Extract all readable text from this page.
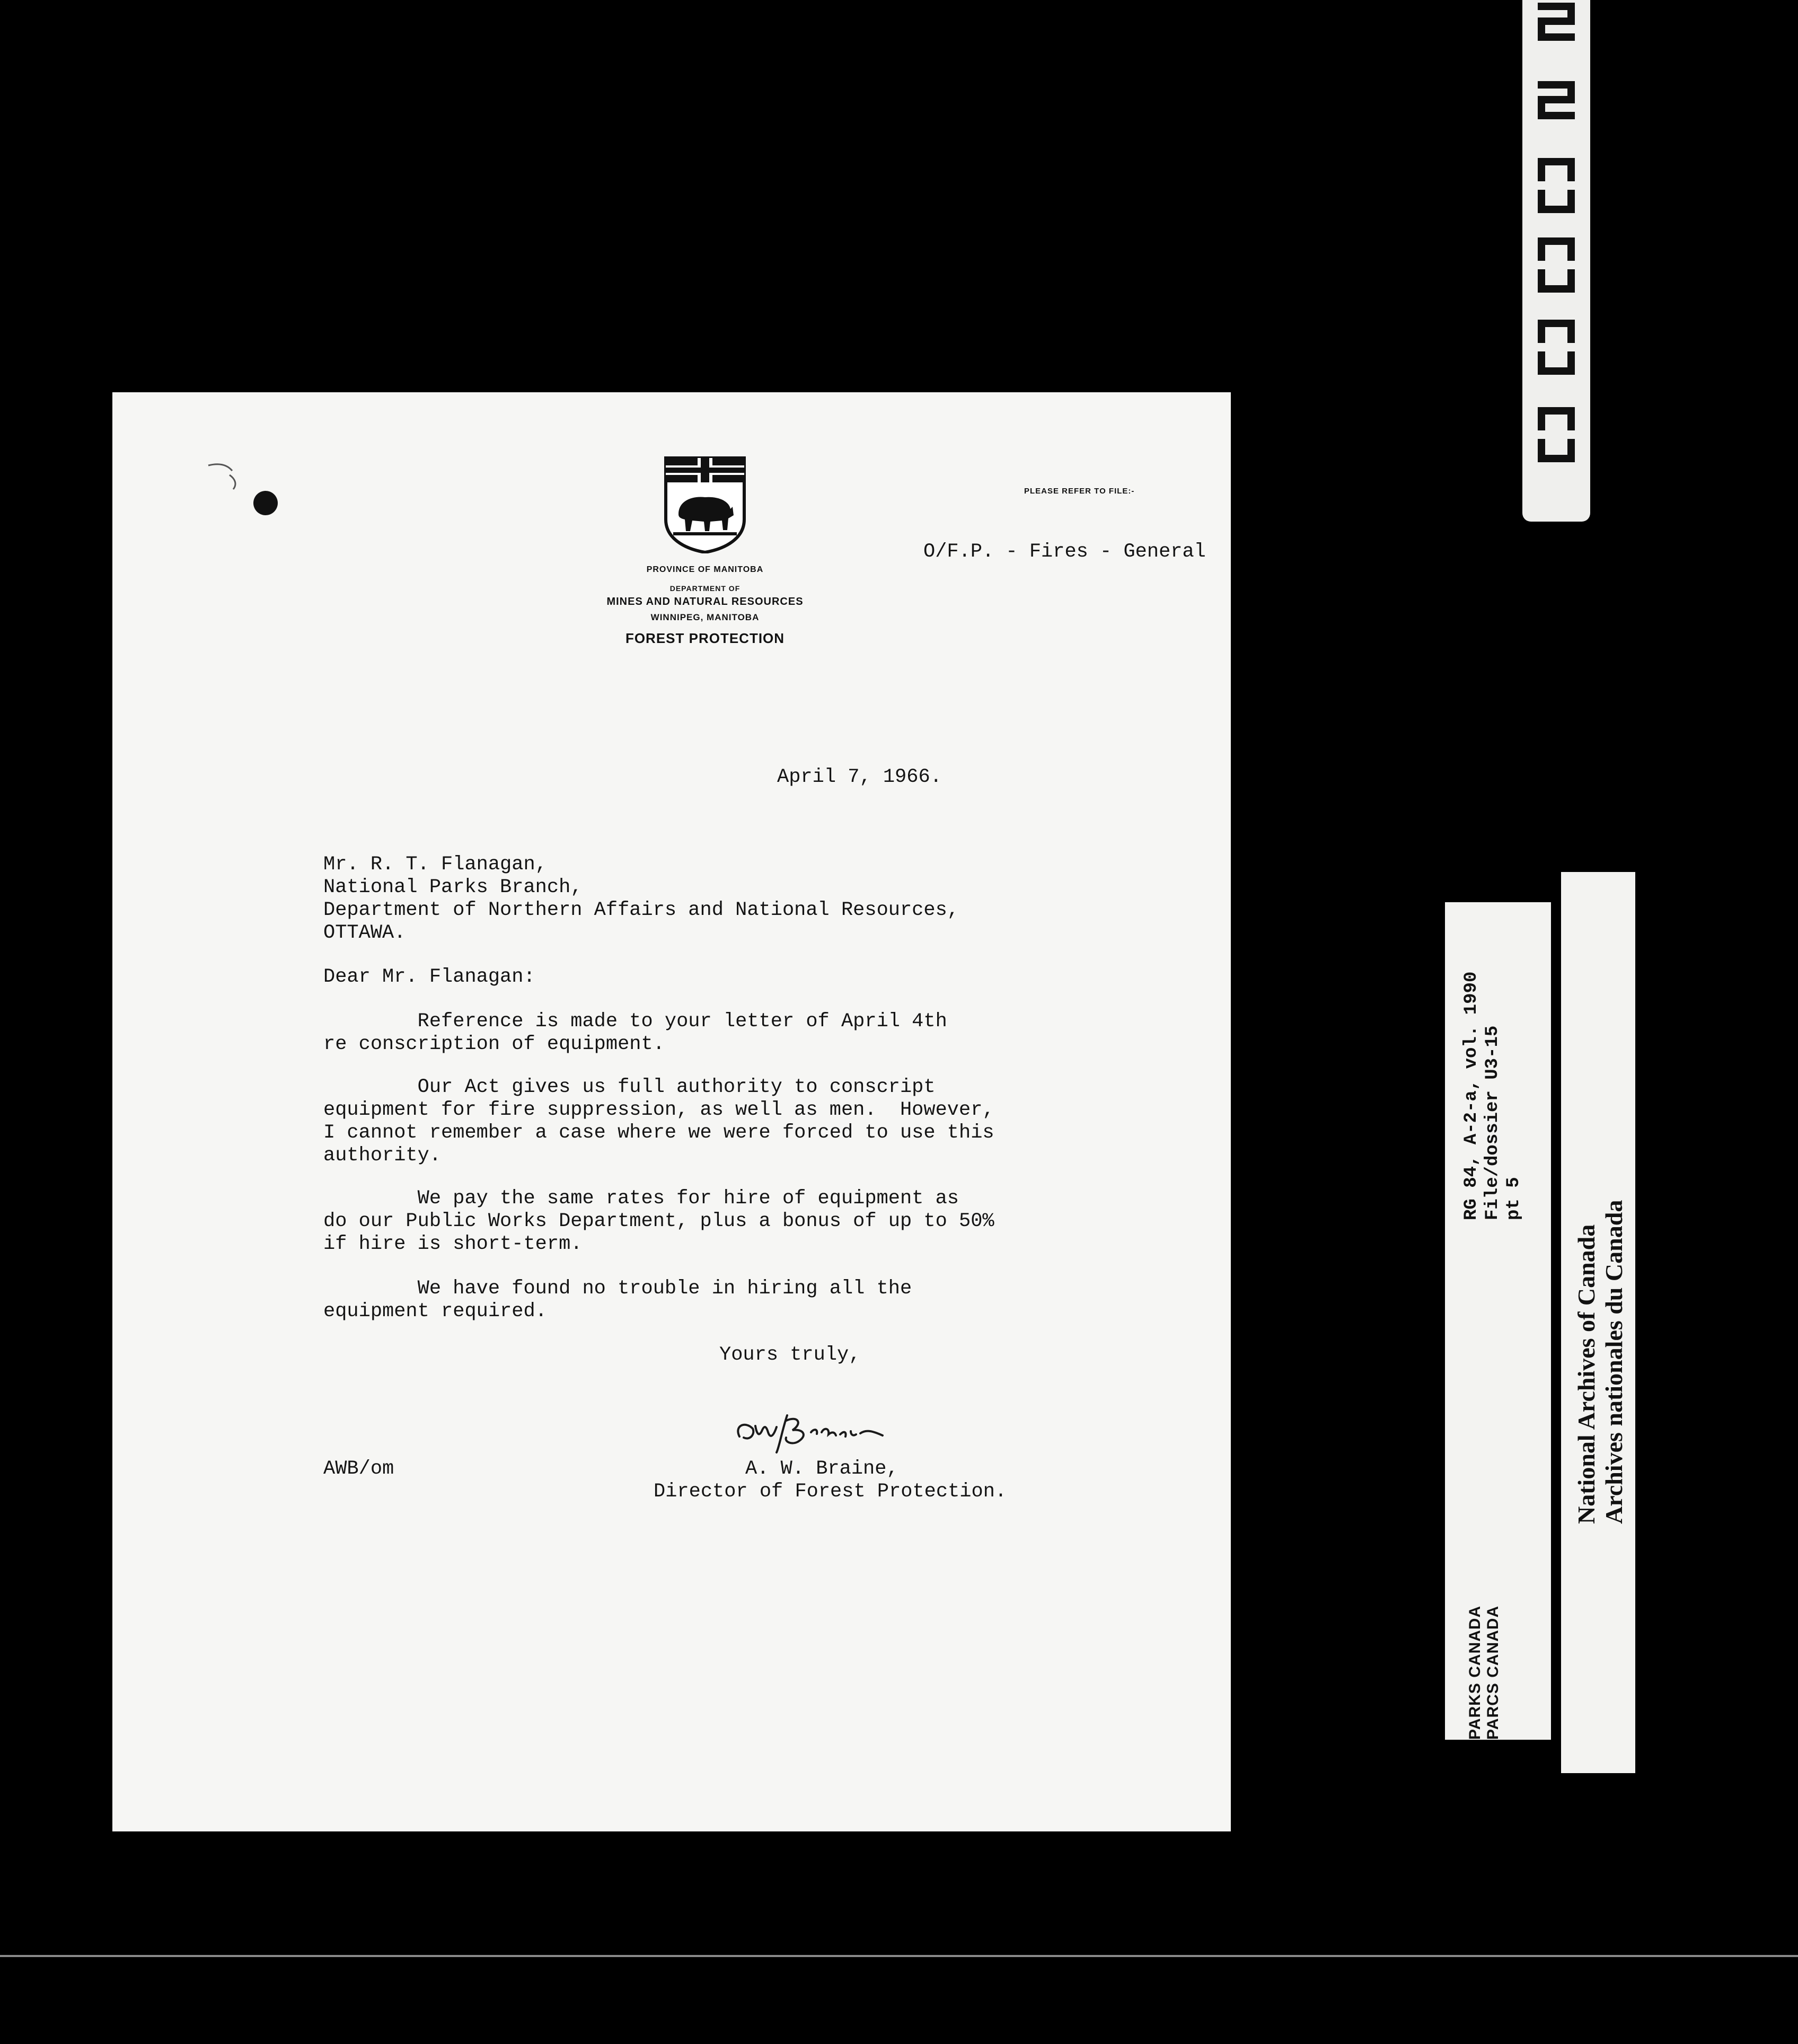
PROVINCE OF MANITOBA
DEPARTMENT OF
MINES AND NATURAL RESOURCES
WINNIPEG, MANITOBA
FOREST PROTECTION
PLEASE REFER TO FILE:-
O/F.P. - Fires - General
April 7, 1966.
Mr. R. T. Flanagan,
National Parks Branch,
Department of Northern Affairs and National Resources,
OTTAWA.
Dear Mr. Flanagan:
Reference is made to your letter of April 4th
re conscription of equipment.
Our Act gives us full authority to conscript
equipment for fire suppression, as well as men.  However,
I cannot remember a case where we were forced to use this
authority.
We pay the same rates for hire of equipment as
do our Public Works Department, plus a bonus of up to 50%
if hire is short-term.
We have found no trouble in hiring all the
equipment required.
Yours truly,
AWB/om	A. W. Braine,
Director of Forest Protection.
RG 84, A-2-a, vol. 1990 File/dossier U3-15 pt 5
PARKS CANADA PARCS CANADA
National Archives of Canada Archives nationales du Canada
